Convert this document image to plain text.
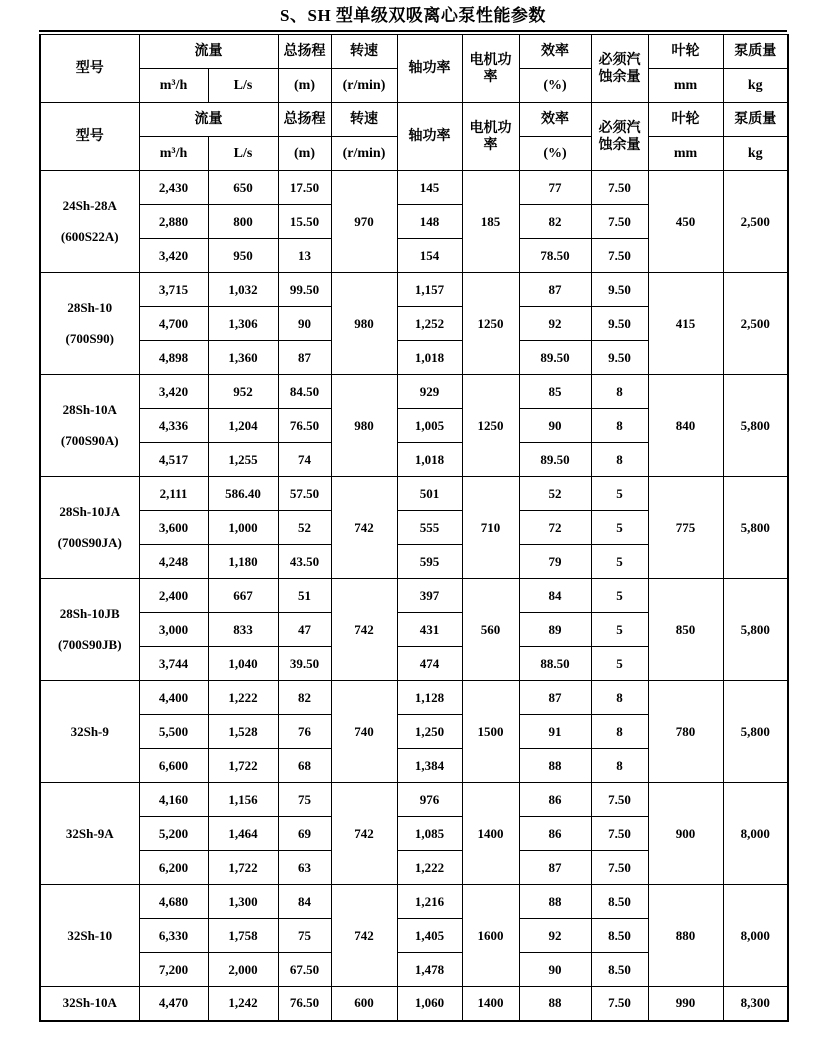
S、SH 型单级双吸离心泵性能参数
型号	流量		总扬程	转速	轴功率	电机功率	效率	必须汽蚀余量	叶轮	泵质量
	m³/h	L/s	(m)	(r/min)			(%)		mm	kg
型号	流量		总扬程	转速	轴功率	电机功率	效率	必须汽蚀余量	叶轮	泵质量
	m³/h	L/s	(m)	(r/min)			(%)		mm	kg

24Sh-28A
(600S22A)	2,430	650	17.50	970	145	185	77	7.50	450	2,500
	2,880	800	15.50		148		82	7.50		
	3,420	950	13		154		78.50	7.50		

28Sh-10
(700S90)	3,715	1,032	99.50	980	1,157	1250	87	9.50	415	2,500
	4,700	1,306	90		1,252		92	9.50		
	4,898	1,360	87		1,018		89.50	9.50		

28Sh-10A
(700S90A)	3,420	952	84.50	980	929	1250	85	8	840	5,800
	4,336	1,204	76.50		1,005		90	8		
	4,517	1,255	74		1,018		89.50	8		

28Sh-10JA
(700S90JA)	2,111	586.40	57.50	742	501	710	52	5	775	5,800
	3,600	1,000	52		555		72	5		
	4,248	1,180	43.50		595		79	5		

28Sh-10JB
(700S90JB)	2,400	667	51	742	397	560	84	5	850	5,800
	3,000	833	47		431		89	5		
	3,744	1,040	39.50		474		88.50	5		

32Sh-9	4,400	1,222	82	740	1,128	1500	87	8	780	5,800
	5,500	1,528	76		1,250		91	8		
	6,600	1,722	68		1,384		88	8		

32Sh-9A	4,160	1,156	75	742	976	1400	86	7.50	900	8,000
	5,200	1,464	69		1,085		86	7.50		
	6,200	1,722	63		1,222		87	7.50		

32Sh-10	4,680	1,300	84	742	1,216	1600	88	8.50	880	8,000
	6,330	1,758	75		1,405		92	8.50		
	7,200	2,000	67.50		1,478		90	8.50		

32Sh-10A	4,470	1,242	76.50	600	1,060	1400	88	7.50	990	8,300
